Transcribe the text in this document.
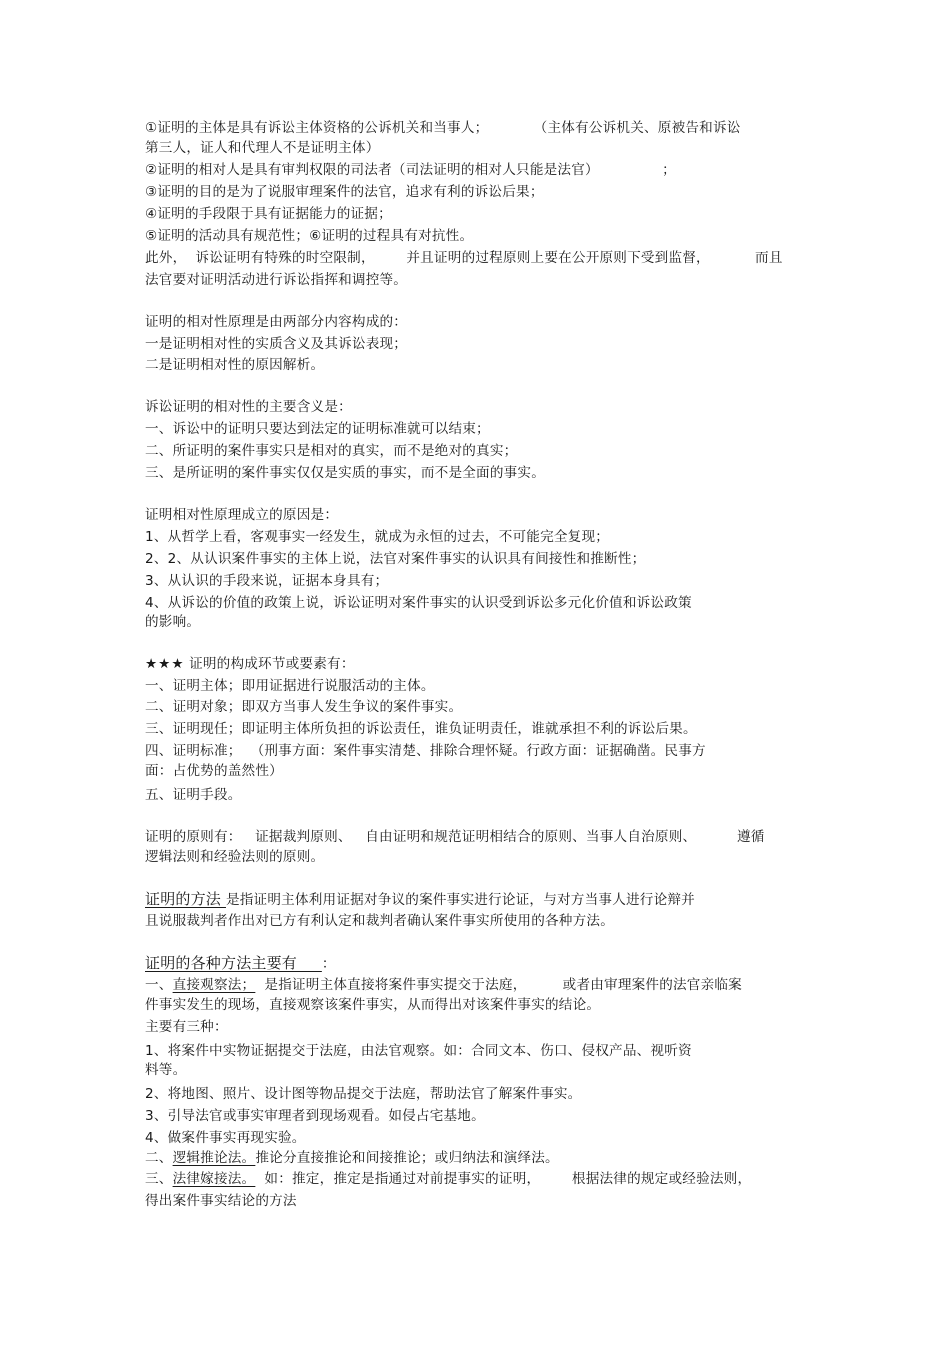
①证明的主体是具有诉讼主体资格的公诉机关和当事人；          （主体有公诉机关、原被告和诉讼
第三人，证人和代理人不是证明主体）
②证明的相对人是具有审判权限的司法者（司法证明的相对人只能是法官）              ；
③证明的目的是为了说服审理案件的法官，追求有利的诉讼后果；
④证明的手段限于具有证据能力的证据；
⑤证明的活动具有规范性；⑥证明的过程具有对抗性。
此外，  诉讼证明有特殊的时空限制，       并且证明的过程原则上要在公开原则下受到监督，          而且
法官要对证明活动进行诉讼指挥和调控等。
证明的相对性原理是由两部分内容构成的：
一是证明相对性的实质含义及其诉讼表现；
二是证明相对性的原因解析。
诉讼证明的相对性的主要含义是：
一、诉讼中的证明只要达到法定的证明标准就可以结束；
二、所证明的案件事实只是相对的真实，而不是绝对的真实；
三、是所证明的案件事实仅仅是实质的事实，而不是全面的事实。
证明相对性原理成立的原因是：
1、从哲学上看，客观事实一经发生，就成为永恒的过去，不可能完全复现；
2、2、从认识案件事实的主体上说，法官对案件事实的认识具有间接性和推断性；
3、从认识的手段来说，证据本身具有；
4、从诉讼的价值的政策上说，诉讼证明对案件事实的认识受到诉讼多元化价值和诉讼政策
的影响。
★★★ 证明的构成环节或要素有：
一、证明主体；即用证据进行说服活动的主体。
二、证明对象；即双方当事人发生争议的案件事实。
三、证明现任；即证明主体所负担的诉讼责任，谁负证明责任，谁就承担不利的诉讼后果。
四、证明标准；  （刑事方面：案件事实清楚、排除合理怀疑。行政方面：证据确凿。民事方
面：占优势的盖然性）
五、证明手段。
证明的原则有：   证据裁判原则、   自由证明和规范证明相结合的原则、当事人自治原则、         遵循
逻辑法则和经验法则的原则。
证明的方法 是指证明主体利用证据对争议的案件事实进行论证，与对方当事人进行论辩并
且说服裁判者作出对已方有利认定和裁判者确认案件事实所使用的各种方法。
证明的各种方法主要有     ：
一、直接观察法；  是指证明主体直接将案件事实提交于法庭，        或者由审理案件的法官亲临案
件事实发生的现场，直接观察该案件事实，从而得出对该案件事实的结论。
主要有三种：
1、将案件中实物证据提交于法庭，由法官观察。如：合同文本、伤口、侵权产品、视听资
料等。
2、将地图、照片、设计图等物品提交于法庭，帮助法官了解案件事实。
3、引导法官或事实审理者到现场观看。如侵占宅基地。
4、做案件事实再现实验。
二、逻辑推论法。推论分直接推论和间接推论；或归纳法和演绎法。
三、法律嫁接法。  如：推定，推定是指通过对前提事实的证明，       根据法律的规定或经验法则，
得出案件事实结论的方法
